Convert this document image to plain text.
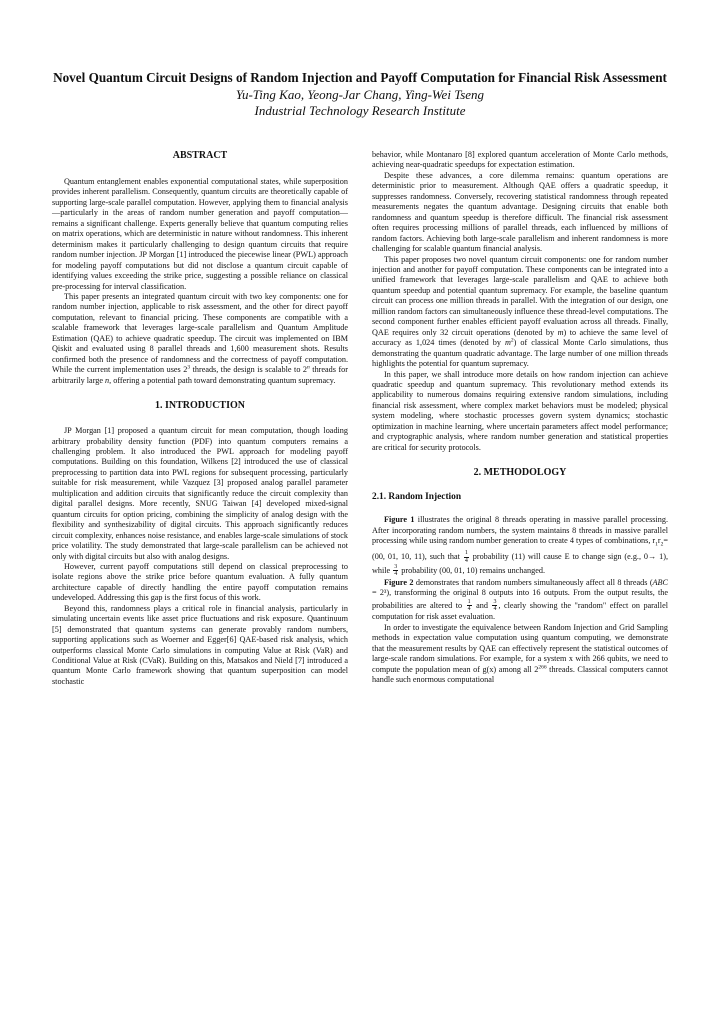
Novel Quantum Circuit Designs of Random Injection and Payoff Computation for Financial Risk Assessment
Yu-Ting Kao, Yeong-Jar Chang, Ying-Wei Tseng
Industrial Technology Research Institute
ABSTRACT

Quantum entanglement enables exponential computational states, while superposition provides inherent parallelism. Consequently, quantum circuits are theoretically capable of supporting large-scale parallel computation. However, applying them to financial analysis—particularly in the areas of random number generation and payoff computation—remains a significant challenge. Experts generally believe that quantum computing relies on matrix operations, which are deterministic in nature without randomness. This inherent determinism makes it particularly challenging to design quantum circuits that require random number injection. JP Morgan [1] introduced the piecewise linear (PWL) approach for modeling payoff computations but did not disclose a quantum circuit capable of identifying values exceeding the strike price, suggesting a possible reliance on classical pre-processing for interval classification.

This paper presents an integrated quantum circuit with two key components: one for random number injection, applicable to risk assessment, and the other for direct payoff computation, relevant to financial pricing. These components are compatible with a scalable framework that leverages large-scale parallelism and Quantum Amplitude Estimation (QAE) to achieve quadratic speedup. The circuit was implemented on IBM Qiskit and evaluated using 8 parallel threads and 1,600 measurement shots. Results confirmed both the presence of randomness and the correctness of payoff computation. While the current implementation uses $2^3$ threads, the design is scalable to 2$^n$ threads for arbitrarily large n, offering a potential path toward demonstrating quantum supremacy.

1. INTRODUCTION

JP Morgan [1] proposed a quantum circuit for mean computation, though loading arbitrary probability density function (PDF) into quantum computers remains a challenging problem. It also introduced the PWL approach for modeling payoff computations. Building on this foundation, Wilkens [2] introduced the use of classical preprocessing to partition data into PWL regions for subsequent processing, particularly suitable for risk measurement, while Vazquez [3] proposed analog parallel parameter multiplication and addition circuits that significantly reduce the circuit complexity than digital parallel designs. More recently, SNUG Taiwan [4] developed mixed-signal quantum circuits for option pricing, combining the simplicity of analog design with the flexibility and synthesizability of digital circuits. This approach significantly reduces circuit complexity, enhances noise resistance, and enables large-scale simulations of stock price volatility. The study demonstrated that large-scale parallelism can be achieved not only with digital circuits but also with analog designs.

However, current payoff computations still depend on classical preprocessing to isolate regions above the strike price before quantum evaluation. A fully quantum architecture capable of directly handling the entire payoff computation remains undeveloped. Addressing this gap is the first focus of this work.

Beyond this, randomness plays a critical role in financial analysis, particularly in simulating uncertain events like asset price fluctuations and risk exposure. Quantinuum [5] demonstrated that quantum systems can generate provably random numbers, supporting applications such as Woerner and Egger[6] QAE-based risk analysis, which outperforms classical Monte Carlo simulations in computing Value at Risk (VaR) and Conditional Value at Risk (CVaR). Building on this, Matsakos and Nield [7] introduced a quantum Monte Carlo framework showing that quantum superposition can model stochastic

behavior, while Montanaro [8] explored quantum acceleration of Monte Carlo methods, achieving near-quadratic speedups for expectation estimation.

Despite these advances, a core dilemma remains: quantum operations are deterministic prior to measurement. Although QAE offers a quadratic speedup, it suppresses randomness. Conversely, recovering statistical randomness through repeated measurements negates the quantum advantage. Designing circuits that enable both randomness and quantum speedup is therefore difficult. The financial risk assessment often requires processing millions of parallel threads, each influenced by millions of random factors. Achieving both large-scale parallelism and inherent randomness is more challenging for scalable quantum financial analysis.

This paper proposes two novel quantum circuit components: one for random number injection and another for payoff computation. These components can be integrated into a unified framework that leverages large-scale parallelism and QAE to achieve both quantum speedup and potential quantum supremacy. For example, the baseline quantum circuit can process one million threads in parallel. With the integration of our design, one million random factors can simultaneously influence these thread-level computations. The second component further enables efficient payoff evaluation across all threads. Finally, QAE requires only 32 circuit operations (denoted by m) to achieve the same level of accuracy as 1,024 times (denoted by $m^2$) of classical Monte Carlo simulations, thus demonstrating the quantum quadratic advantage. The large number of one million threads highlights the potential for quantum supremacy.

In this paper, we shall introduce more details on how random injection can achieve quadratic speedup and quantum supremacy. This revolutionary method extends its applicability to numerous domains requiring extensive random simulations, including financial risk assessment, where complex market behaviors must be modeled; physical system modeling, where stochastic processes govern system dynamics; stochastic optimization in machine learning, where uncertain parameters affect model performance; and cryptographic analysis, where random number generation and statistical properties are critical for security protocols.

2. METHODOLOGY
2.1. Random Injection

Figure 1 illustrates the original 8 threads operating in massive parallel processing. After incorporating random numbers, the system maintains 8 threads in massive parallel processing while using random number generation to create 4 types of combinations, $r_1r_2=(00$, 01, 10, 11), such that $\frac{1}{4}$ probability (11) will cause E to change sign (e.g., 0→ 1), while $\frac{3}{4}$ probability (00, 01, 10) remains unchanged.

Figure 2 demonstrates that random numbers simultaneously affect all 8 threads (ABC = 2³), transforming the original 8 outputs into 16 outputs. From the output results, the probabilities are altered to $\frac{1}{4}$ and $\frac{3}{4}$ , clearly showing the "random" effect on parallel computation for risk asset evaluation.

In order to investigate the equivalence between Random Injection and Grid Sampling methods in expectation value computation using quantum computing, we demonstrate that the measurement results by QAE can effectively represent the statistical outcomes of large-scale random simulations. For example, for a system x with 266 qubits, we need to compute the population mean of g(x) among all $2^{266}$ threads. Classical computers cannot handle such enormous computational
